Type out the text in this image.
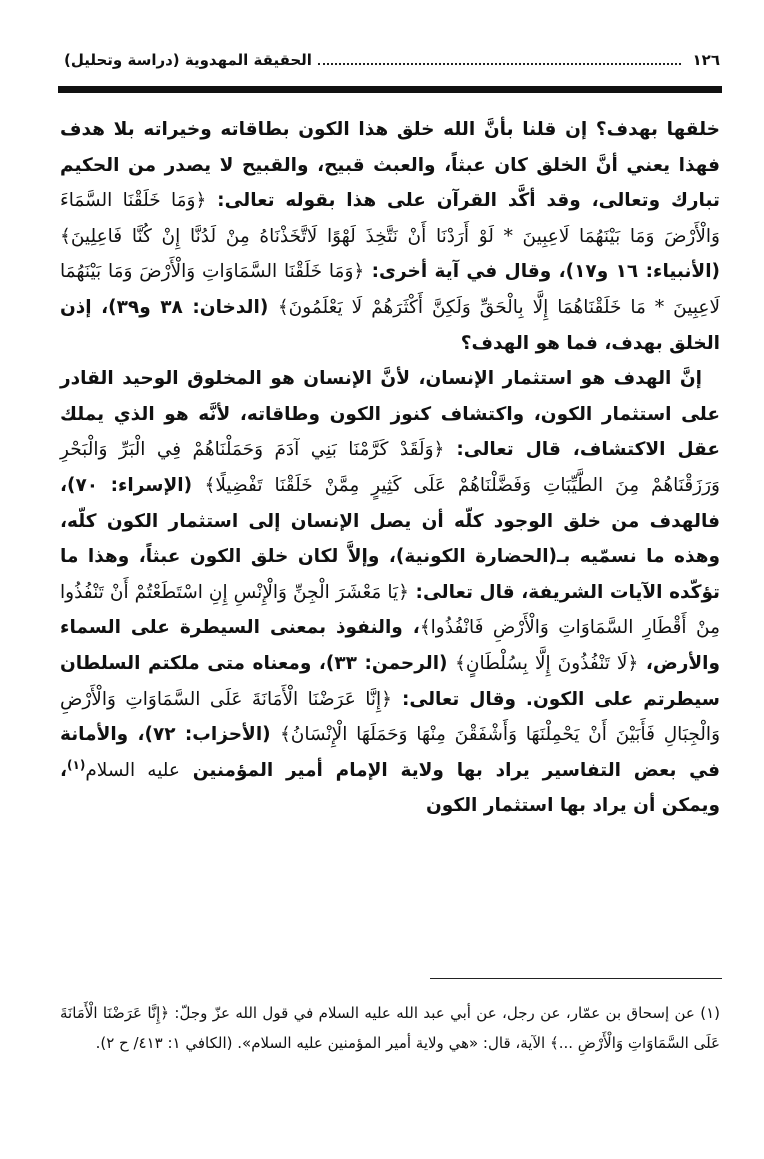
١٢٦
الحقيقة المهدوية (دراسة وتحليل)

خلقها بهدف؟ إن قلنا بأنَّ الله خلق هذا الكون بطاقاته وخيراته بلا هدف فهذا يعني أنَّ الخلق كان عبثاً، والعبث قبيح، والقبيح لا يصدر من الحكيم تبارك وتعالى، وقد أكَّد القرآن على هذا بقوله تعالى: ﴿وَمَا خَلَقْنَا السَّمَاءَ وَالْأَرْضَ وَمَا بَيْنَهُمَا لَاعِبِينَ * لَوْ أَرَدْنَا أَنْ نَتَّخِذَ لَهْوًا لَاتَّخَذْنَاهُ مِنْ لَدُنَّا إِنْ كُنَّا فَاعِلِينَ﴾ (الأنبياء: ١٦ و١٧)، وقال في آية أخرى: ﴿وَمَا خَلَقْنَا السَّمَاوَاتِ وَالْأَرْضَ وَمَا بَيْنَهُمَا لَاعِبِينَ * مَا خَلَقْنَاهُمَا إِلَّا بِالْحَقِّ وَلَكِنَّ أَكْثَرَهُمْ لَا يَعْلَمُونَ﴾ (الدخان: ٣٨ و٣٩)، إذن الخلق بهدف، فما هو الهدف؟

إنَّ الهدف هو استثمار الإنسان، لأنَّ الإنسان هو المخلوق الوحيد القادر على استثمار الكون، واكتشاف كنوز الكون وطاقاته، لأنَّه هو الذي يملك عقل الاكتشاف، قال تعالى: ﴿وَلَقَدْ كَرَّمْنَا بَنِي آدَمَ وَحَمَلْنَاهُمْ فِي الْبَرِّ وَالْبَحْرِ وَرَزَقْنَاهُمْ مِنَ الطَّيِّبَاتِ وَفَضَّلْنَاهُمْ عَلَى كَثِيرٍ مِمَّنْ خَلَقْنَا تَفْضِيلًا﴾ (الإسراء: ٧٠)، فالهدف من خلق الوجود كلّه أن يصل الإنسان إلى استثمار الكون كلّه، وهذه ما نسمّيه بـ(الحضارة الكونية)، وإلاَّ لكان خلق الكون عبثاً، وهذا ما تؤكّده الآيات الشريفة، قال تعالى: ﴿يَا مَعْشَرَ الْجِنِّ وَالْإِنْسِ إِنِ اسْتَطَعْتُمْ أَنْ تَنْفُذُوا مِنْ أَقْطَارِ السَّمَاوَاتِ وَالْأَرْضِ فَانْفُذُوا﴾، والنفوذ بمعنى السيطرة على السماء والأرض، ﴿لَا تَنْفُذُونَ إِلَّا بِسُلْطَانٍ﴾ (الرحمن: ٣٣)، ومعناه متى ملكتم السلطان سيطرتم على الكون. وقال تعالى: ﴿إِنَّا عَرَضْنَا الْأَمَانَةَ عَلَى السَّمَاوَاتِ وَالْأَرْضِ وَالْجِبَالِ فَأَبَيْنَ أَنْ يَحْمِلْنَهَا وَأَشْفَقْنَ مِنْهَا وَحَمَلَهَا الْإِنْسَانُ﴾ (الأحزاب: ٧٢)، والأمانة في بعض التفاسير يراد بها ولاية الإمام أمير المؤمنين عليه السلام$^{(١)}$، ويمكن أن يراد بها استثمار الكون

(١) عن إسحاق بن عمّار، عن رجل، عن أبي عبد الله عليه السلام في قول الله عزّ وجلّ: ﴿إِنَّا عَرَضْنَا الْأَمَانَةَ عَلَى السَّمَاوَاتِ وَالْأَرْضِ ...﴾ الآية، قال: «هي ولاية أمير المؤمنين عليه السلام». (الكافي ١: ٤١٣/ ح ٢).
